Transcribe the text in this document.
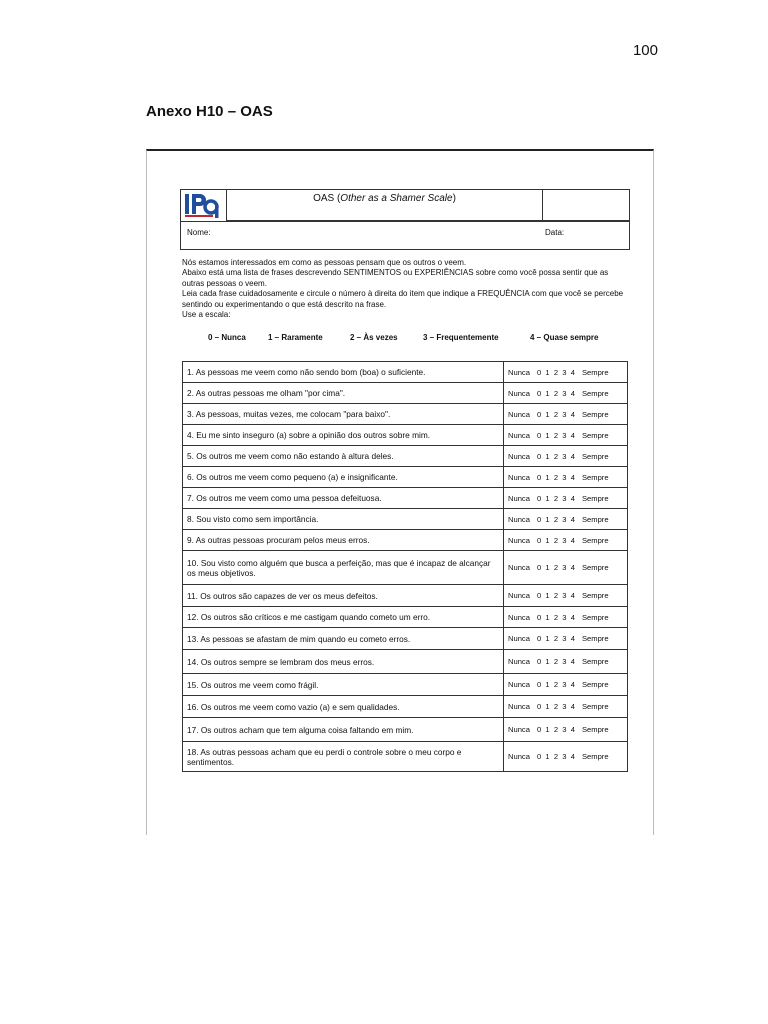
100
Anexo H10 – OAS
OAS (Other as a Shamer Scale)
Nome:	Data:

Nós estamos interessados em como as pessoas pensam que os outros o veem.

Abaixo está uma lista de frases descrevendo SENTIMENTOS ou EXPERIÊNCIAS sobre como você possa sentir que as outras pessoas o veem.

Leia cada frase cuidadosamente e circule o número à direita do item que indique a FREQUÊNCIA com que você se percebe sentindo ou experimentando o que está descrito na frase.

Use a escala:

0 – Nunca	1 – Raramente	2 – Às vezes	3 – Frequentemente	4 – Quase sempre
1. As pessoas me veem como não sendo bom (boa) o suficiente.	Nunca 0  1  2  3  4 Sempre
2. As outras pessoas me olham "por cima".	Nunca 0  1  2  3  4 Sempre
3. As pessoas, muitas vezes, me colocam "para baixo".	Nunca 0  1  2  3  4 Sempre
4. Eu me sinto inseguro (a) sobre a opinião dos outros sobre mim.	Nunca 0  1  2  3  4 Sempre
5. Os outros me veem como não estando à altura deles.	Nunca 0  1  2  3  4 Sempre
6. Os outros me veem como pequeno (a) e insignificante.	Nunca 0  1  2  3  4 Sempre
7. Os outros me veem como uma pessoa defeituosa.	Nunca 0  1  2  3  4 Sempre
8. Sou visto como sem importância.	Nunca 0  1  2  3  4 Sempre
9. As outras pessoas procuram pelos meus erros.	Nunca 0  1  2  3  4 Sempre
10. Sou visto como alguém que busca a perfeição, mas que é incapaz de alcançar os meus objetivos.	Nunca 0  1  2  3  4 Sempre
11. Os outros são capazes de ver os meus defeitos.	Nunca 0  1  2  3  4 Sempre
12. Os outros são críticos e me castigam quando cometo um erro.	Nunca 0  1  2  3  4 Sempre
13. As pessoas se afastam de mim quando eu cometo erros.	Nunca 0  1  2  3  4 Sempre
14. Os outros sempre se lembram dos meus erros.	Nunca 0  1  2  3  4 Sempre
15. Os outros me veem como frágil.	Nunca 0  1  2  3  4 Sempre
16. Os outros me veem como vazio (a) e sem qualidades.	Nunca 0  1  2  3  4 Sempre
17. Os outros acham que tem alguma coisa faltando em mim.	Nunca 0  1  2  3  4 Sempre
18. As outras pessoas acham que eu perdi o controle sobre o meu corpo e sentimentos.	Nunca 0  1  2  3  4 Sempre
